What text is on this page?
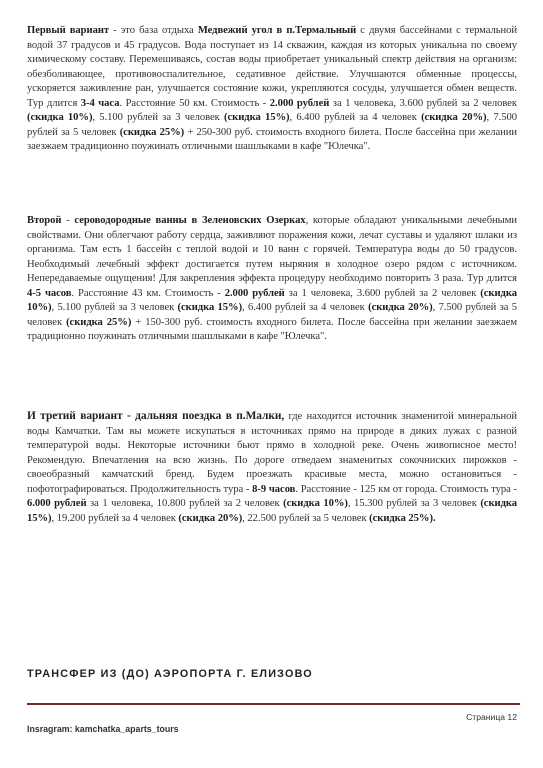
Первый вариант - это база отдыха Медвежий угол в п.Термальный с двумя бассейнами с термальной водой 37 градусов и 45 градусов. Вода поступает из 14 скважин, каждая из которых уникальна по своему химическому составу. Перемешиваясь, состав воды приобретает уникальный спектр действия на организм: обезболивающее, противовоспалительное, седативное действие. Улучшаются обменные процессы, ускоряется заживление ран, улучшается состояние кожи, укрепляются сосуды, улучшается обмен веществ. Тур длится 3-4 часа. Расстояние 50 км. Стоимость - 2.000 рублей за 1 человека, 3.600 рублей за 2 человек (скидка 10%), 5.100 рублей за 3 человек (скидка 15%), 6.400 рублей за 4 человек (скидка 20%), 7.500 рублей за 5 человек (скидка 25%) + 250-300 руб. стоимость входного билета. После бассейна при желании заезжаем традиционно поужинать отличными шашлыками в кафе "Юлечка".

Второй - сероводородные ванны в Зеленовских Озерках, которые обладают уникальными лечебными свойствами. Они облегчают работу сердца, заживляют поражения кожи, лечат суставы и удаляют шлаки из организма. Там есть 1 бассейн с теплой водой и 10 ванн с горячей. Температура воды до 50 градусов. Необходимый лечебный эффект достигается путем ныряния в холодное озеро рядом с источником. Непередаваемые ощущения! Для закрепления эффекта процедуру необходимо повторить 3 раза. Тур длится 4-5 часов. Расстояние 43 км. Стоимость - 2.000 рублей за 1 человека, 3.600 рублей за 2 человек (скидка 10%), 5.100 рублей за 3 человек (скидка 15%), 6.400 рублей за 4 человек (скидка 20%), 7.500 рублей за 5 человек (скидка 25%) + 150-300 руб. стоимость входного билета. После бассейна при желании заезжаем традиционно поужинать отличными шашлыками в кафе "Юлечка".

И третий вариант - дальняя поездка в п.Малки, где находится источник знаменитой минеральной воды Камчатки. Там вы можете искупаться в источниках прямо на природе в диких лужах с разной температурой воды. Некоторые источники бьют прямо в холодной реке. Очень живописное место! Рекомендую. Впечатления на всю жизнь. По дороге отведаем знаменитых сокочниских пирожков - своеобразный камчатский бренд. Будем проезжать красивые места, можно остановиться - пофотографироваться. Продолжительность тура - 8-9 часов. Расстояние - 125 км от города. Стоимость тура - 6.000 рублей за 1 человека, 10.800 рублей за 2 человек (скидка 10%), 15.300 рублей за 3 человек (скидка 15%), 19.200 рублей за 4 человек (скидка 20%), 22.500 рублей за 5 человек (скидка 25%).

ТРАНСФЕР ИЗ (ДО) АЭРОПОРТА Г. ЕЛИЗОВО

Страница 12
Insragram: kamchatka_aparts_tours
